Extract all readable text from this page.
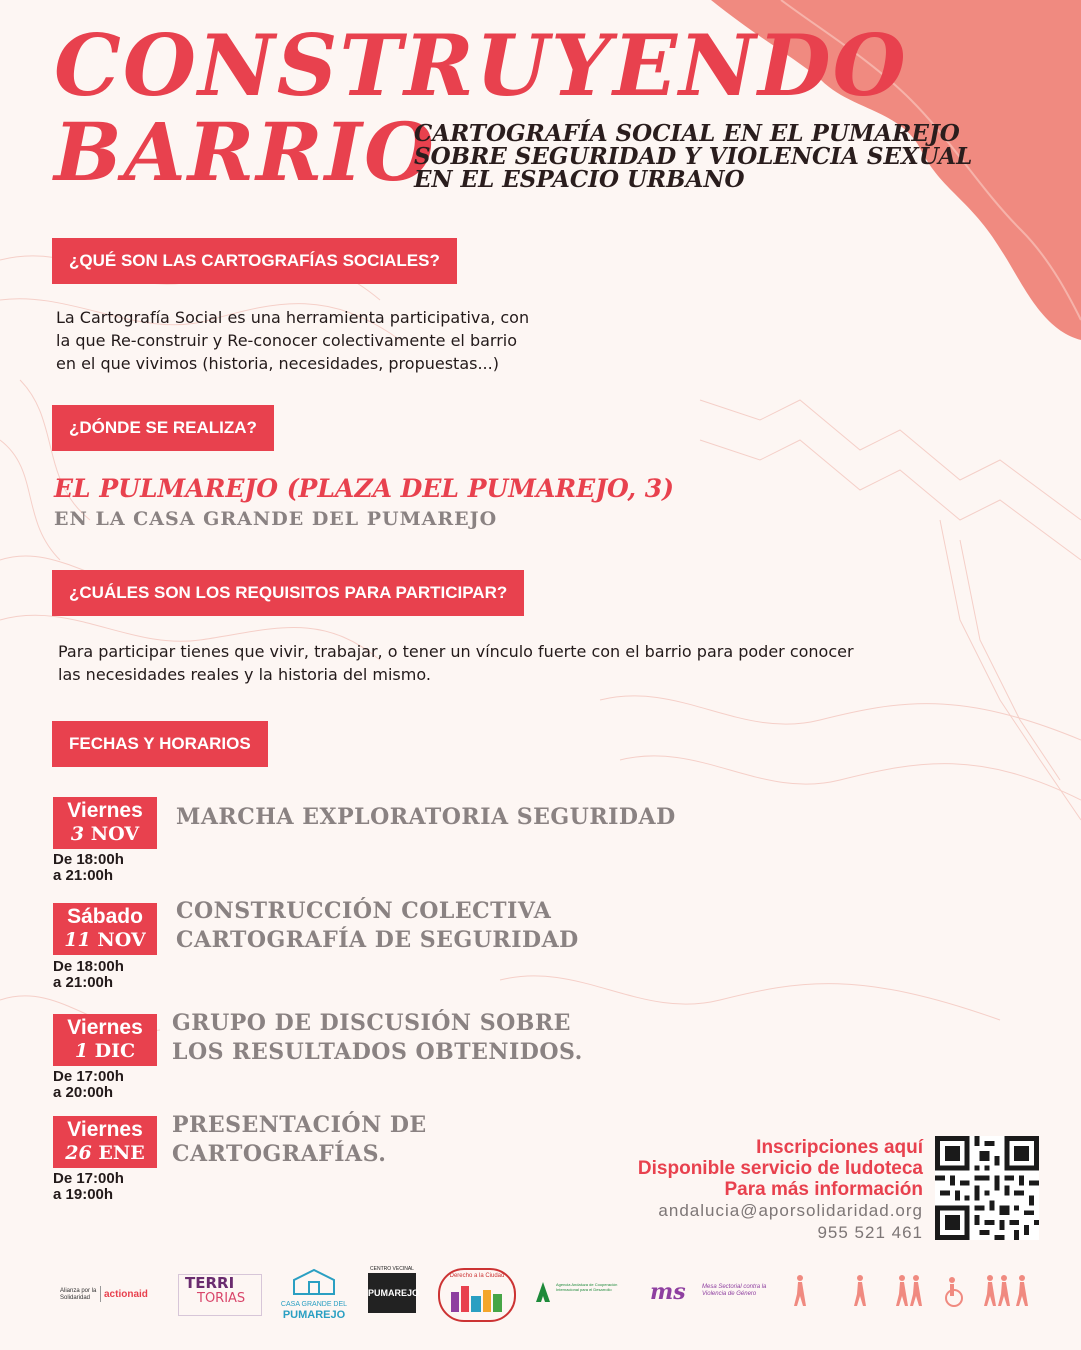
CONSTRUYENDO
BARRIO
CARTOGRAFÍA SOCIAL EN EL PUMAREJO
SOBRE SEGURIDAD Y VIOLENCIA SEXUAL
EN EL ESPACIO URBANO
¿QUÉ SON LAS CARTOGRAFÍAS SOCIALES?
La Cartografía Social es una herramienta participativa, con
la que Re-construir y Re-conocer colectivamente el barrio
en el que vivimos (historia, necesidades, propuestas...)
¿DÓNDE SE REALIZA?
EL PULMAREJO (PLAZA DEL PUMAREJO, 3)
EN LA CASA GRANDE DEL PUMAREJO
¿CUÁLES SON LOS REQUISITOS PARA PARTICIPAR?
Para participar tienes que vivir, trabajar, o tener un vínculo fuerte con el barrio para poder conocer
las necesidades reales y la historia del mismo.
FECHAS Y HORARIOS
Viernes
3 NOV
De 18:00h
a 21:00h
MARCHA EXPLORATORIA SEGURIDAD
Sábado
11 NOV
De 18:00h
a 21:00h
CONSTRUCCIÓN COLECTIVA
CARTOGRAFÍA DE SEGURIDAD
Viernes
1 DIC
De 17:00h
a 20:00h
GRUPO DE DISCUSIÓN SOBRE
LOS RESULTADOS OBTENIDOS.
Viernes
26 ENE
De 17:00h
a 19:00h
PRESENTACIÓN DE
CARTOGRAFÍAS.	Inscripciones aquí
Disponible servicio de ludoteca
Para más información
andalucia@aporsolidaridad.org
955 521 461
Alianza por la Solidaridad	actionaid
TERRI
TORIAS	CASA GRANDE DEL
PUMAREJO
CENTRO VECINAL
PUMAREJO
Derecho a la Ciudad
Agencia Andaluza de Cooperación Internacional para el Desarrollo	ms	Mesa Sectorial contra la Violencia de Género
